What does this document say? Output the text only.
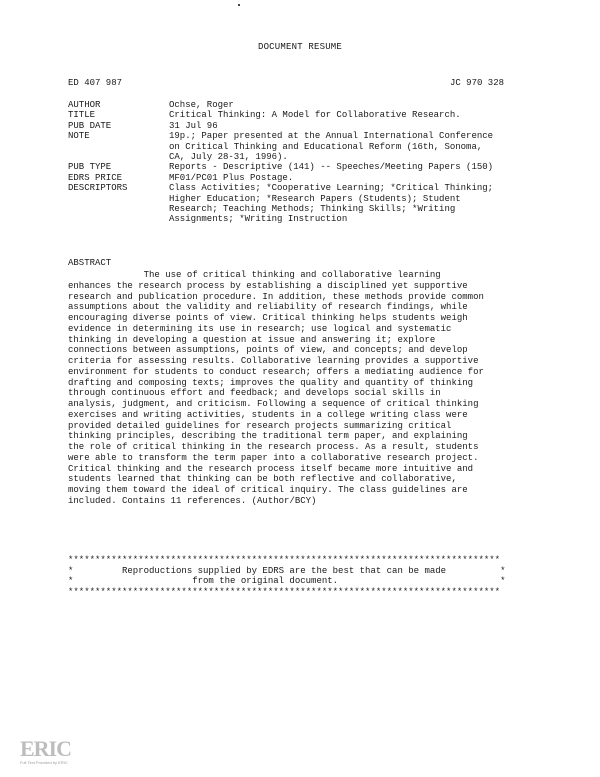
DOCUMENT RESUME
ED 407 987	JC 970 328
AUTHOR	Ochse, Roger
TITLE	Critical Thinking: A Model for Collaborative Research.
PUB DATE	31 Jul 96
NOTE	19p.; Paper presented at the Annual International Conference
on Critical Thinking and Educational Reform (16th, Sonoma,
CA, July 28-31, 1996).
PUB TYPE	Reports - Descriptive (141) -- Speeches/Meeting Papers (150)
EDRS PRICE	MF01/PC01 Plus Postage.
DESCRIPTORS	Class Activities; *Cooperative Learning; *Critical Thinking;
Higher Education; *Research Papers (Students); Student
Research; Teaching Methods; Thinking Skills; *Writing
Assignments; *Writing Instruction
ABSTRACT
The use of critical thinking and collaborative learning
enhances the research process by establishing a disciplined yet supportive
research and publication procedure. In addition, these methods provide common
assumptions about the validity and reliability of research findings, while
encouraging diverse points of view. Critical thinking helps students weigh
evidence in determining its use in research; use logical and systematic
thinking in developing a question at issue and answering it; explore
connections between assumptions, points of view, and concepts; and develop
criteria for assessing results. Collaborative learning provides a supportive
environment for students to conduct research; offers a mediating audience for
drafting and composing texts; improves the quality and quantity of thinking
through continuous effort and feedback; and develops social skills in
analysis, judgment, and criticism. Following a sequence of critical thinking
exercises and writing activities, students in a college writing class were
provided detailed guidelines for research projects summarizing critical
thinking principles, describing the traditional term paper, and explaining
the role of critical thinking in the research process. As a result, students
were able to transform the term paper into a collaborative research project.
Critical thinking and the research process itself became more intuitive and
students learned that thinking can be both reflective and collaborative,
moving them toward the ideal of critical inquiry. The class guidelines are
included. Contains 11 references. (Author/BCY)
********************************************************************************
*         Reproductions supplied by EDRS are the best that can be made          *
*                      from the original document.                              *
********************************************************************************
ERIC
Full Text Provided by ERIC
